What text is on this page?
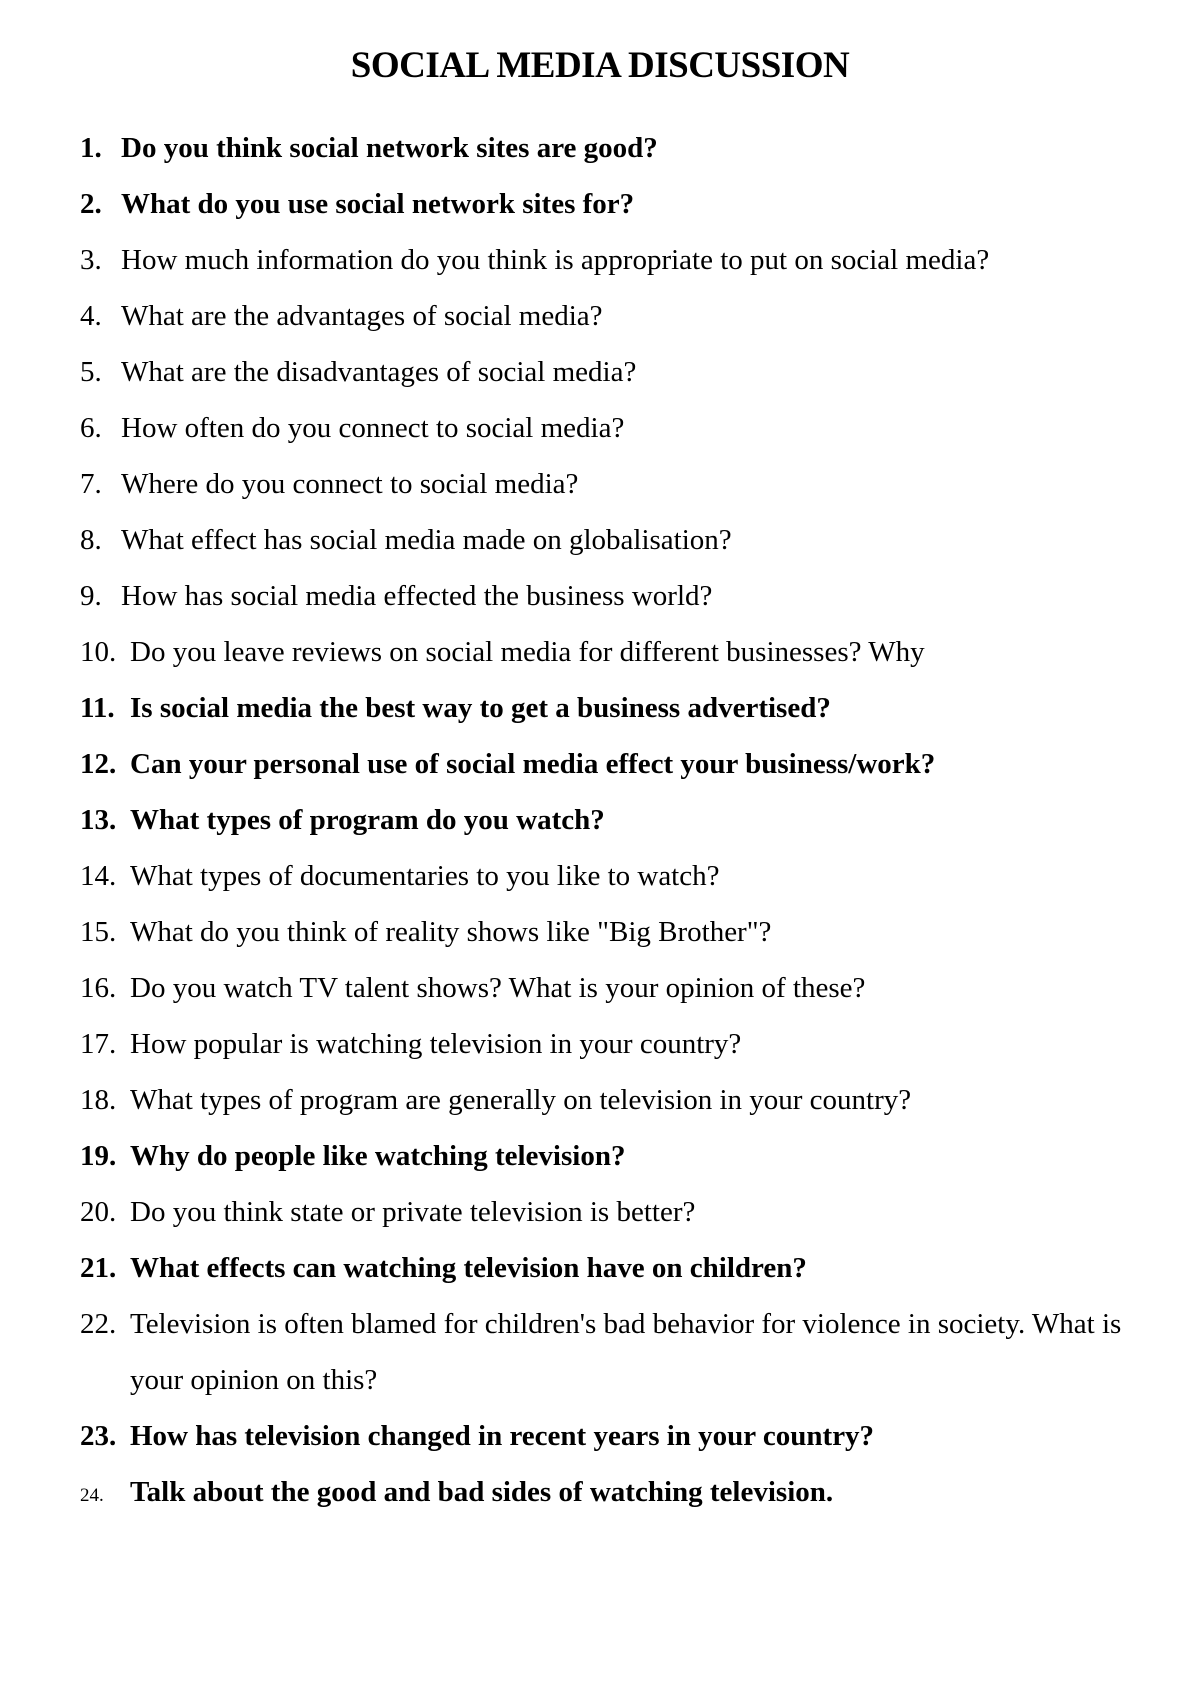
SOCIAL MEDIA DISCUSSION
1. Do you think social network sites are good?
2. What do you use social network sites for?
3. How much information do you think is appropriate to put on social media?
4. What are the advantages of social media?
5. What are the disadvantages of social media?
6. How often do you connect to social media?
7. Where do you connect to social media?
8. What effect has social media made on globalisation?
9. How has social media effected the business world?
10. Do you leave reviews on social media for different businesses? Why
11. Is social media the best way to get a business advertised?
12. Can your personal use of social media effect your business/work?
13. What types of program do you watch?
14. What types of documentaries to you like to watch?
15. What do you think of reality shows like "Big Brother"?
16. Do you watch TV talent shows? What is your opinion of these?
17. How popular is watching television in your country?
18. What types of program are generally on television in your country?
19. Why do people like watching television?
20. Do you think state or private television is better?
21. What effects can watching television have on children?
22. Television is often blamed for children's bad behavior for violence in society. What is your opinion on this?
23. How has television changed in recent years in your country?
24. Talk about the good and bad sides of watching television.
